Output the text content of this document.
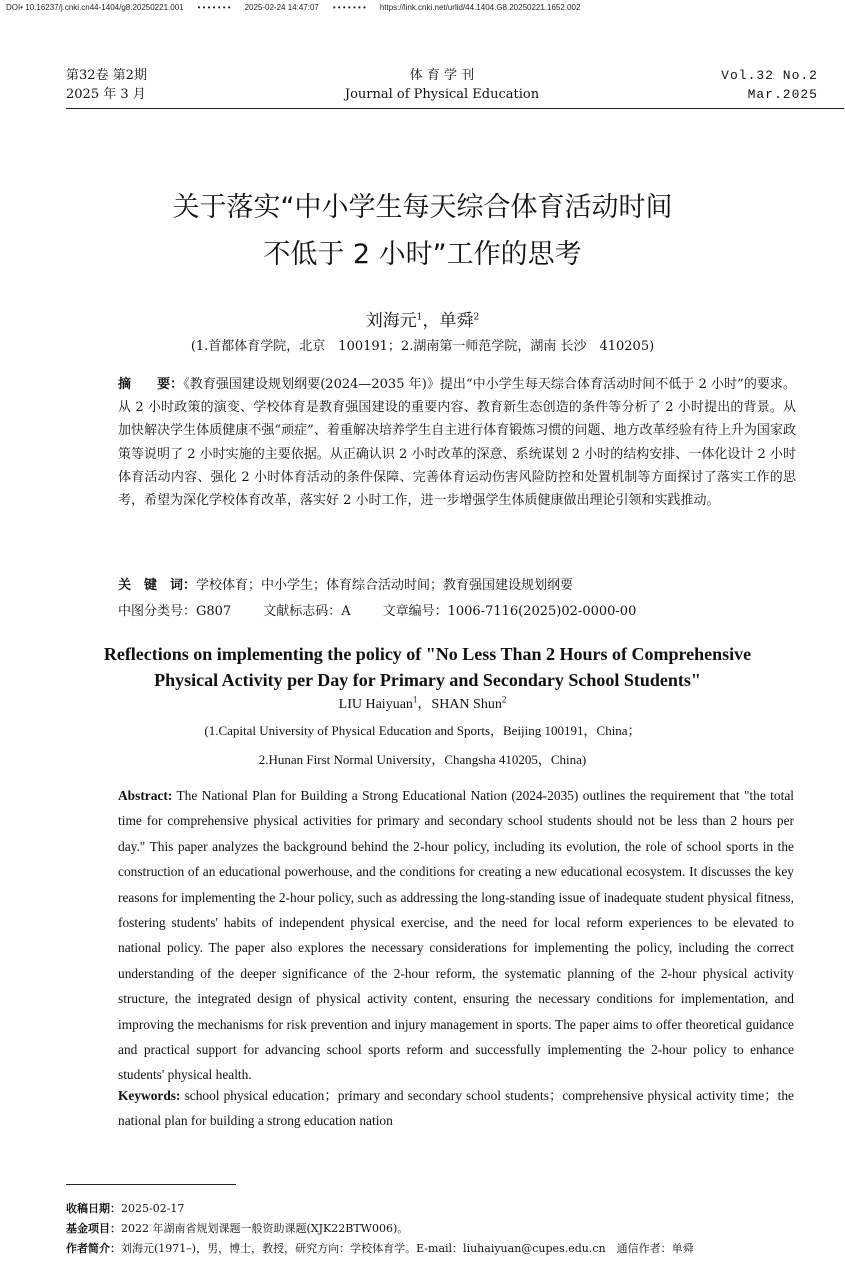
DOI• 10.16237/j.cnki.cn44-1404/g8.20250221.001 • • • • • • • 2025-02-24 14:47:07 • • • • • • • https://link.cnki.net/urlid/44.1404.G8.20250221.1652.002
第32卷 第2期	体 育 学 刊	Vol.32 No.2
2025 年 3 月	Journal of Physical Education	Mar.2025
关于落实“中小学生每天综合体育活动时间
不低于 2 小时”工作的思考
刘海元$^1$，单舜$^2$
(1.首都体育学院，北京　100191；2.湖南第一师范学院，湖南 长沙　410205)
摘　　要：《教育强国建设规划纲要(2024—2035 年)》提出“中小学生每天综合体育活动时间不低于 2 小时”的要求。从 2 小时政策的演变、学校体育是教育强国建设的重要内容、教育新生态创造的条件等分析了 2 小时提出的背景。从加快解决学生体质健康不强“顽症”、着重解决培养学生自主进行体育锻炼习惯的问题、地方改革经验有待上升为国家政策等说明了 2 小时实施的主要依据。从正确认识 2 小时改革的深意、系统谋划 2 小时的结构安排、一体化设计 2 小时体育活动内容、强化 2 小时体育活动的条件保障、完善体育运动伤害风险防控和处置机制等方面探讨了落实工作的思考，希望为深化学校体育改革，落实好 2 小时工作，进一步增强学生体质健康做出理论引领和实践推动。
关　键　词：学校体育；中小学生；体育综合活动时间；教育强国建设规划纲要
中图分类号：G807 文献标志码：A 文章编号：1006-7116(2025)02-0000-00
Reflections on implementing the policy of "No Less Than 2 Hours of Comprehensive
Physical Activity per Day for Primary and Secondary School Students"
LIU Haiyuan$^1$，SHAN Shun$^2$
(1.Capital University of Physical Education and Sports，Beijing 100191，China；
2.Hunan First Normal University，Changsha 410205，China)
Abstract: The National Plan for Building a Strong Educational Nation (2024-2035) outlines the requirement that "the total time for comprehensive physical activities for primary and secondary school students should not be less than 2 hours per day." This paper analyzes the background behind the 2-hour policy, including its evolution, the role of school sports in the construction of an educational powerhouse, and the conditions for creating a new educational ecosystem. It discusses the key reasons for implementing the 2-hour policy, such as addressing the long-standing issue of inadequate student physical fitness, fostering students' habits of independent physical exercise, and the need for local reform experiences to be elevated to national policy. The paper also explores the necessary considerations for implementing the policy, including the correct understanding of the deeper significance of the 2-hour reform, the systematic planning of the 2-hour physical activity structure, the integrated design of physical activity content, ensuring the necessary conditions for implementation, and improving the mechanisms for risk prevention and injury management in sports. The paper aims to offer theoretical guidance and practical support for advancing school sports reform and successfully implementing the 2-hour policy to enhance students' physical health.
Keywords: school physical education；primary and secondary school students；comprehensive physical activity time；the national plan for building a strong education nation
收稿日期：2025-02-17
基金项目：2022 年湖南省规划课题一般资助课题(XJK22BTW006)。
作者简介：刘海元(1971–)，男，博士，教授，研究方向：学校体育学。E-mail：liuhaiyuan@cupes.edu.cn　通信作者：单舜
